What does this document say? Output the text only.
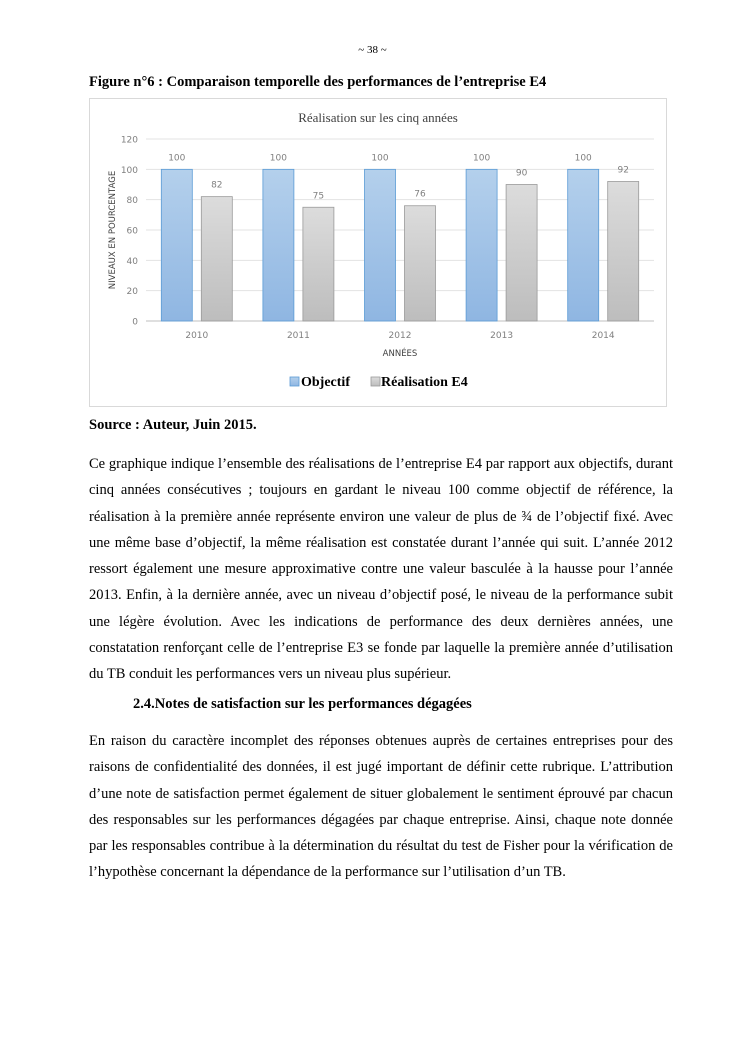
~ 38 ~
Figure n°6 : Comparaison temporelle des performances de l’entreprise E4
Réalisation sur les cinq années
0
20
40
60
80
100
120
NIVEAUX EN POURCENTAGE
100
82
2010
100
75
2011
100
76
2012
100
90
2013
100
92
2014
ANNÉES
Objectif Réalisation E4
Source : Auteur, Juin 2015.

Ce graphique indique l’ensemble des réalisations de l’entreprise E4 par rapport aux objectifs, durant cinq années consécutives ; toujours en gardant le niveau 100 comme objectif de référence, la réalisation à la première année représente environ une valeur de plus de ¾ de l’objectif fixé. Avec une même base d’objectif, la même réalisation est constatée durant l’année qui suit. L’année 2012 ressort également une mesure approximative contre une valeur basculée à la hausse pour l’année 2013. Enfin, à la dernière année, avec un niveau d’objectif posé, le niveau de la performance subit une légère évolution. Avec les indications de performance des deux dernières années, une constatation renforçant celle de l’entreprise E3 se fonde par laquelle la première année d’utilisation du TB conduit les performances vers un niveau plus supérieur.

2.4.Notes de satisfaction sur les performances dégagées

En raison du caractère incomplet des réponses obtenues auprès de certaines entreprises pour des raisons de confidentialité des données, il est jugé important de définir cette rubrique. L’attribution d’une note de satisfaction permet également de situer globalement le sentiment éprouvé par chacun des responsables sur les performances dégagées par chaque entreprise. Ainsi, chaque note donnée par les responsables contribue à la détermination du résultat du test de Fisher pour la vérification de l’hypothèse concernant la dépendance de la performance sur l’utilisation d’un TB.
